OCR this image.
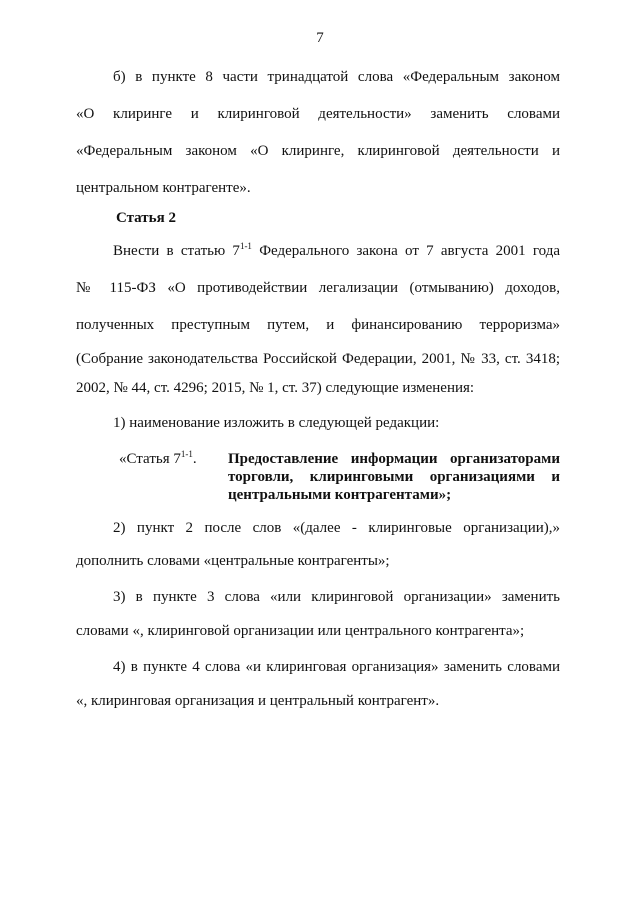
7
б) в пункте 8 части тринадцатой слова «Федеральным законом
«О клиринге и клиринговой деятельности» заменить словами
«Федеральным законом «О клиринге, клиринговой деятельности и
центральном контрагенте».
Статья 2
Внести в статью 7$^{1-1}$ Федерального закона от 7 августа 2001 года
№ 115-ФЗ «О противодействии легализации (отмыванию) доходов,
полученных преступным путем, и финансированию терроризма»
(Собрание законодательства Российской Федерации, 2001, № 33, ст. 3418;
2002, № 44, ст. 4296; 2015, № 1, ст. 37) следующие изменения:
1) наименование изложить в следующей редакции:
«Статья 7$^{1-1}$. Предоставление информации организаторами
торговли, клиринговыми организациями и
центральными контрагентами»;
2) пункт 2 после слов «(далее - клиринговые организации),»
дополнить словами «центральные контрагенты»;
3) в пункте 3 слова «или клиринговой организации» заменить
словами «, клиринговой организации или центрального контрагента»;
4) в пункте 4 слова «и клиринговая организация» заменить словами
«, клиринговая организация и центральный контрагент».
